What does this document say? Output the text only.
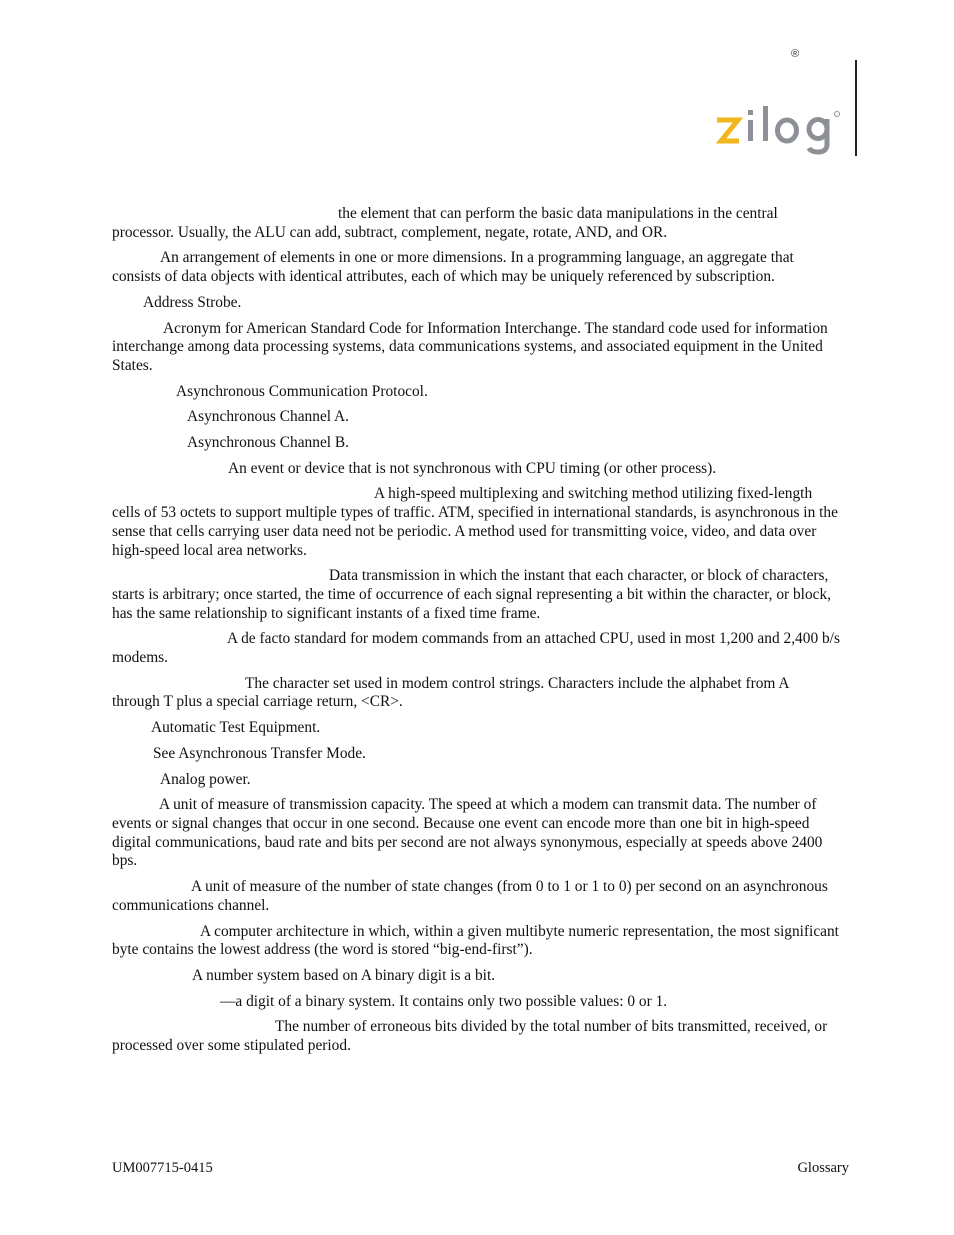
®

the element that can perform the basic data manipulations in the central processor. Usually, the ALU can add, subtract, complement, negate, rotate, AND, and OR.

An arrangement of elements in one or more dimensions. In a programming language, an aggregate that consists of data objects with identical attributes, each of which may be uniquely referenced by subscription.

Address Strobe.

Acronym for American Standard Code for Information Interchange. The standard code used for information interchange among data processing systems, data communications systems, and associated equipment in the United States.

Asynchronous Communication Protocol.

Asynchronous Channel A.

Asynchronous Channel B.

An event or device that is not synchronous with CPU timing (or other process).

A high-speed multiplexing and switching method utilizing fixed-length cells of 53 octets to support multiple types of traffic. ATM, specified in international standards, is asynchronous in the sense that cells carrying user data need not be periodic. A method used for transmitting voice, video, and data over high-speed local area networks.

Data transmission in which the instant that each character, or block of characters, starts is arbitrary; once started, the time of occurrence of each signal representing a bit within the character, or block, has the same relationship to significant instants of a fixed time frame.

A de facto standard for modem commands from an attached CPU, used in most 1,200 and 2,400 b/s modems.

The character set used in modem control strings. Characters include the alphabet from A through T plus a special carriage return, <CR>.

Automatic Test Equipment.

See Asynchronous Transfer Mode.

Analog power.

A unit of measure of transmission capacity. The speed at which a modem can transmit data. The number of events or signal changes that occur in one second. Because one event can encode more than one bit in high-speed digital communications, baud rate and bits per second are not always synonymous, especially at speeds above 2400 bps.

A unit of measure of the number of state changes (from 0 to 1 or 1 to 0) per second on an asynchronous communications channel.

A computer architecture in which, within a given multibyte numeric representation, the most significant byte contains the lowest address (the word is stored “big-end-first”).

A number system based on A binary digit is a bit.

—a digit of a binary system. It contains only two possible values: 0 or 1.

The number of erroneous bits divided by the total number of bits transmitted, received, or processed over some stipulated period.

UM007715-0415	Glossary
